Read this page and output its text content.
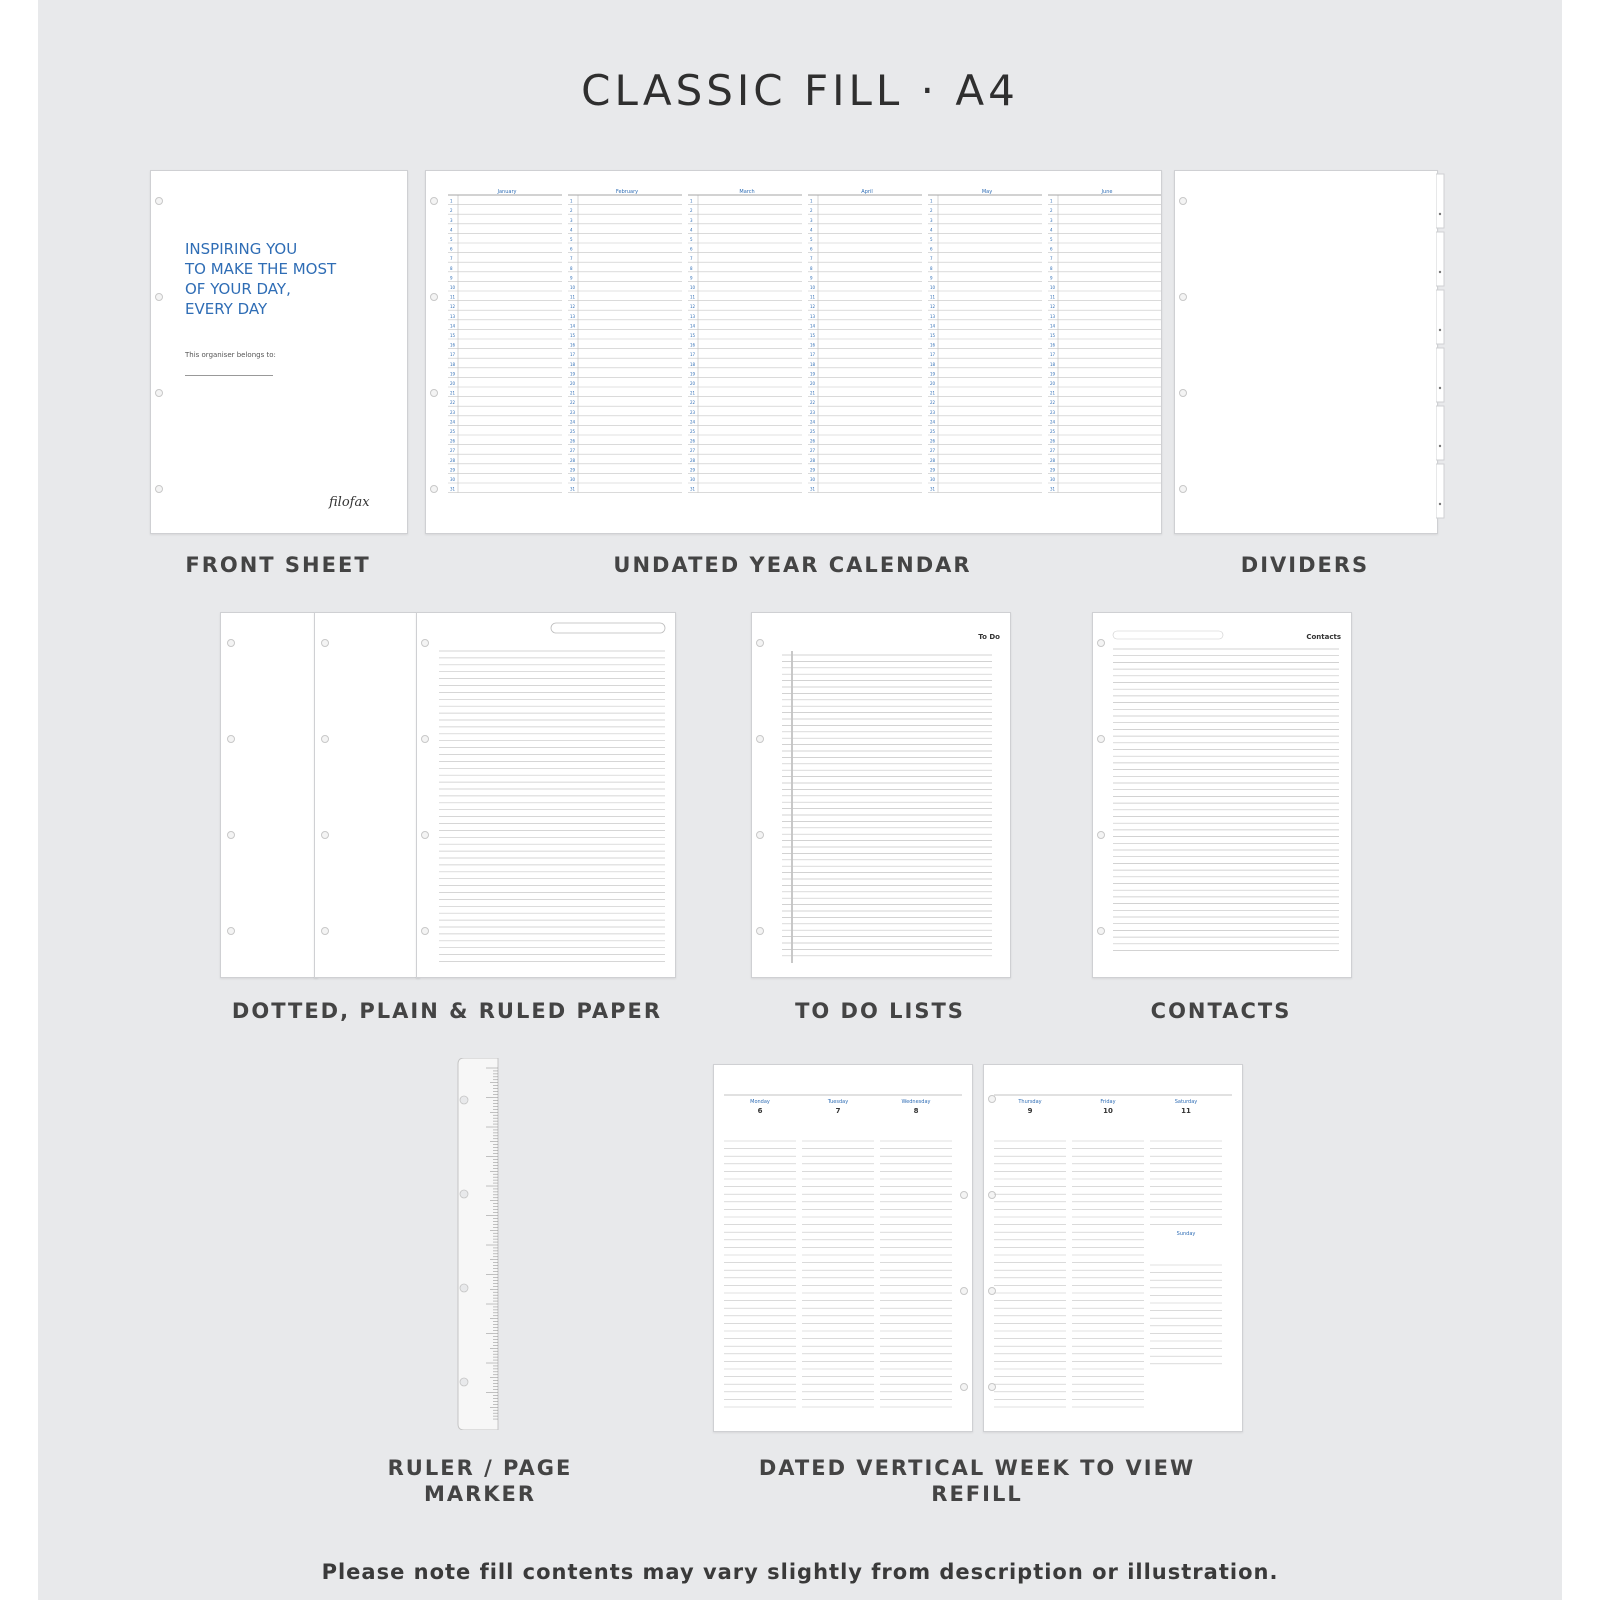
CLASSIC FILL · A4
INSPIRING YOU
TO MAKE THE MOST
OF YOUR DAY,
EVERY DAY
This organiser belongs to:
filofax
FRONT SHEET
January
1
2
3
4
5
6
7
8
9
10
11
12
13
14
15
16
17
18
19
20
21
22
23
24
25
26
27
28
29
30
31
February
1
2
3
4
5
6
7
8
9
10
11
12
13
14
15
16
17
18
19
20
21
22
23
24
25
26
27
28
29
30
31
March
1
2
3
4
5
6
7
8
9
10
11
12
13
14
15
16
17
18
19
20
21
22
23
24
25
26
27
28
29
30
31
April
1
2
3
4
5
6
7
8
9
10
11
12
13
14
15
16
17
18
19
20
21
22
23
24
25
26
27
28
29
30
31
May
1
2
3
4
5
6
7
8
9
10
11
12
13
14
15
16
17
18
19
20
21
22
23
24
25
26
27
28
29
30
31
June
1
2
3
4
5
6
7
8
9
10
11
12
13
14
15
16
17
18
19
20
21
22
23
24
25
26
27
28
29
30
31
UNDATED YEAR CALENDAR	DIVIDERS
DOTTED, PLAIN & RULED PAPER
To Do
TO DO LISTS
Contacts
CONTACTS
RULER / PAGE
MARKER
Monday
6
Tuesday
7
Wednesday
8
Thursday
9
Friday
10
Saturday
11
Sunday
DATED VERTICAL WEEK TO VIEW REFILL
Please note fill contents may vary slightly from description or illustration.
